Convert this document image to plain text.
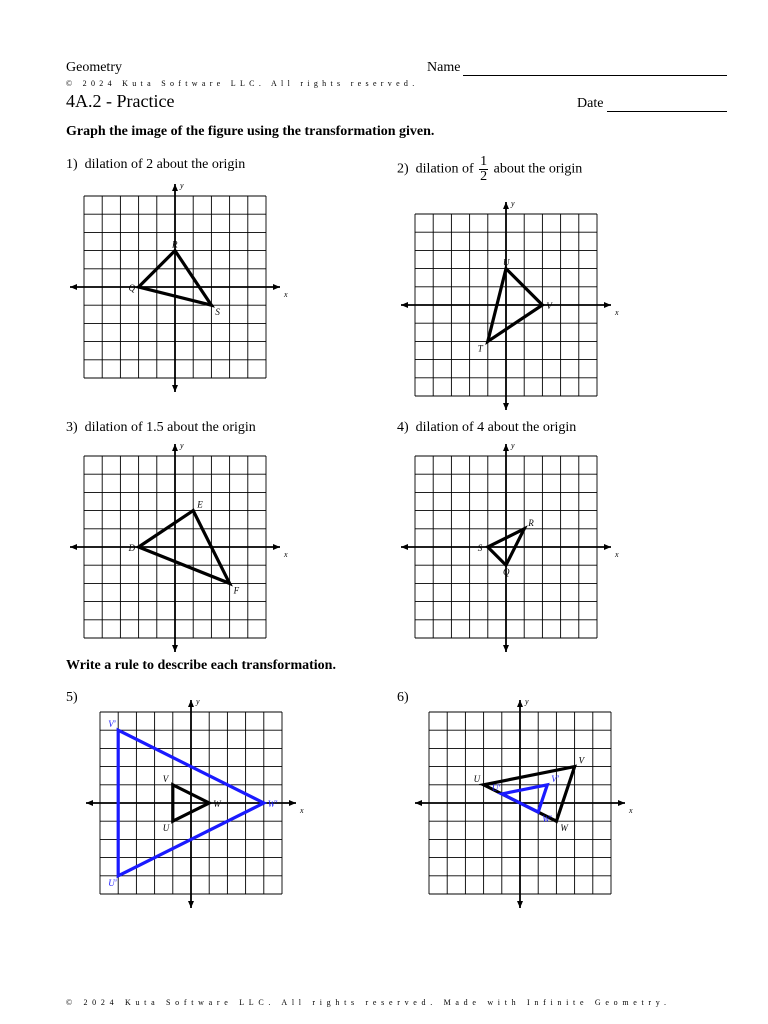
Geometry	Name
© 2024 Kuta Software LLC. All rights reserved.
4A.2 - Practice	Date
Graph the image of the figure using the transformation given.
1) dilation of 2 about the origin	2) dilation of $\frac{1}{2}$ about the origin
3) dilation of 1.5 about the origin	4) dilation of 4 about the origin
Write a rule to describe each transformation.
5)	6)
x
y
Q
R
S	x
y
T
U
V
x
y
D
E
F
x
y
S
Q
R
x
y
U
V
W
U'
V'
W'
x
y
U
V
W
U'
V'
W'
© 2024 Kuta Software LLC. All rights reserved. Made with Infinite Geometry.
